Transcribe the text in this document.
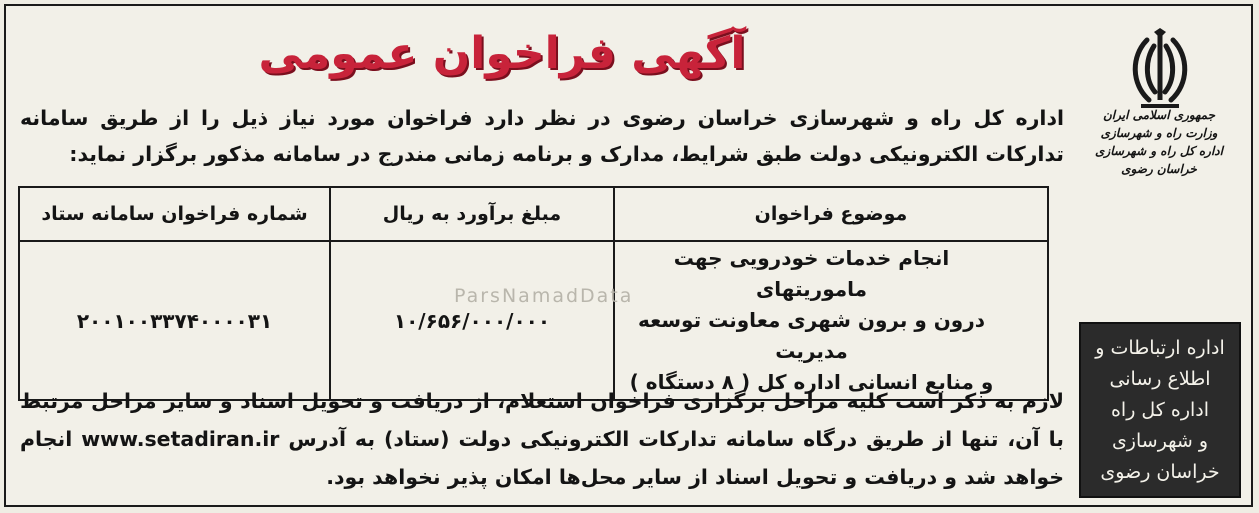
آگهی فراخوان عمومی
اداره کل راه و شهرسازی خراسان رضوی در نظر دارد فراخوان مورد نیاز ذیل را از طریق سامانه تدارکات الکترونیکی دولت طبق شرایط، مدارک و برنامه زمانی مندرج در سامانه مذکور برگزار نماید:
موضوع فراخوان	مبلغ برآورد به ریال	شماره فراخوان سامانه ستاد

انجام خدمات خودرویی جهت ماموریتهای
درون و برون شهری معاونت توسعه مدیریت
و منابع انسانی اداره کل ( ۸ دستگاه )	۱۰/۶۵۶/۰۰۰/۰۰۰	۲۰۰۱۰۰۳۳۷۴۰۰۰۰۳۱
ParsNamadData
لازم به ذکر است کلیه مراحل برگزاری فراخوان استعلام، از دریافت و تحویل اسناد و سایر مراحل مرتبط با آن، تنها از طریق درگاه سامانه تدارکات الکترونیکی دولت (ستاد) به آدرس www.setadiran.ir انجام خواهد شد و دریافت و تحویل اسناد از سایر محل‌ها امکان پذیر نخواهد بود.
جمهوری اسلامی ایران
وزارت راه و شهرسازی
اداره کل راه و شهرسازی خراسان رضوی
اداره ارتباطات و
اطلاع رسانی
اداره کل راه
و شهرسازی
خراسان رضوی
